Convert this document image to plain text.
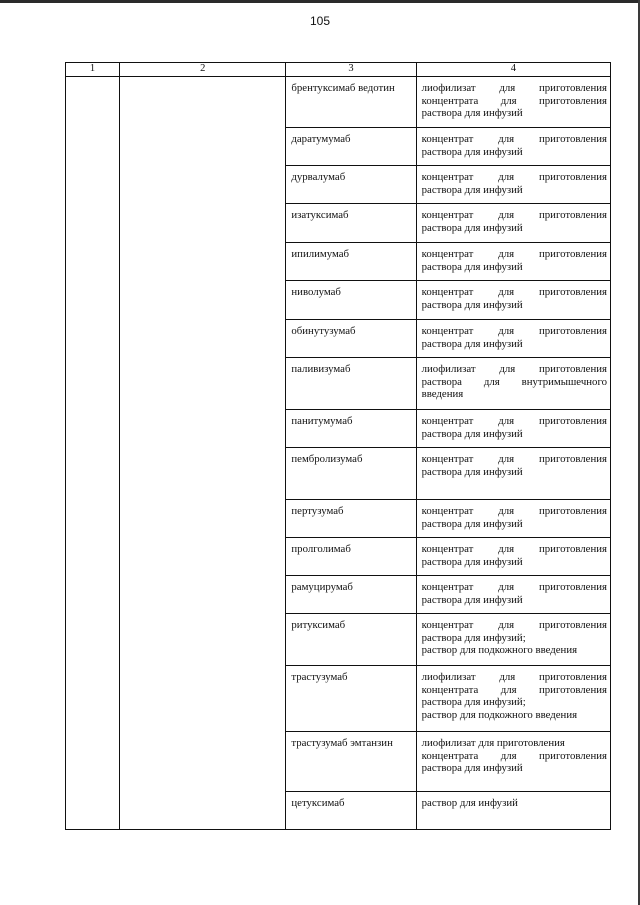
105
1	2	3	4
		брентуксимаб ведотин	лиофилизат для приготовления
концентрата для приготовления
раствора для инфузий

		даратумумаб	концентрат для приготовления
раствора для инфузий

		дурвалумаб	концентрат для приготовления
раствора для инфузий

		изатуксимаб	концентрат для приготовления
раствора для инфузий

		ипилимумаб	концентрат для приготовления
раствора для инфузий

		ниволумаб	концентрат для приготовления
раствора для инфузий

		обинутузумаб	концентрат для приготовления
раствора для инфузий

		паливизумаб	лиофилизат для приготовления
раствора для внутримышечного
введения

		панитумумаб	концентрат для приготовления
раствора для инфузий

		пембролизумаб	концентрат для приготовления
раствора для инфузий

		пертузумаб	концентрат для приготовления
раствора для инфузий

		пролголимаб	концентрат для приготовления
раствора для инфузий

		рамуцирумаб	концентрат для приготовления
раствора для инфузий

		ритуксимаб	концентрат для приготовления
раствора для инфузий;
раствор для подкожного введения

		трастузумаб	лиофилизат для приготовления
концентрата для приготовления
раствора для инфузий;
раствор для подкожного введения

		трастузумаб эмтанзин	лиофилизат для приготовления
концентрата для приготовления
раствора для инфузий

		цетуксимаб	раствор для инфузий
